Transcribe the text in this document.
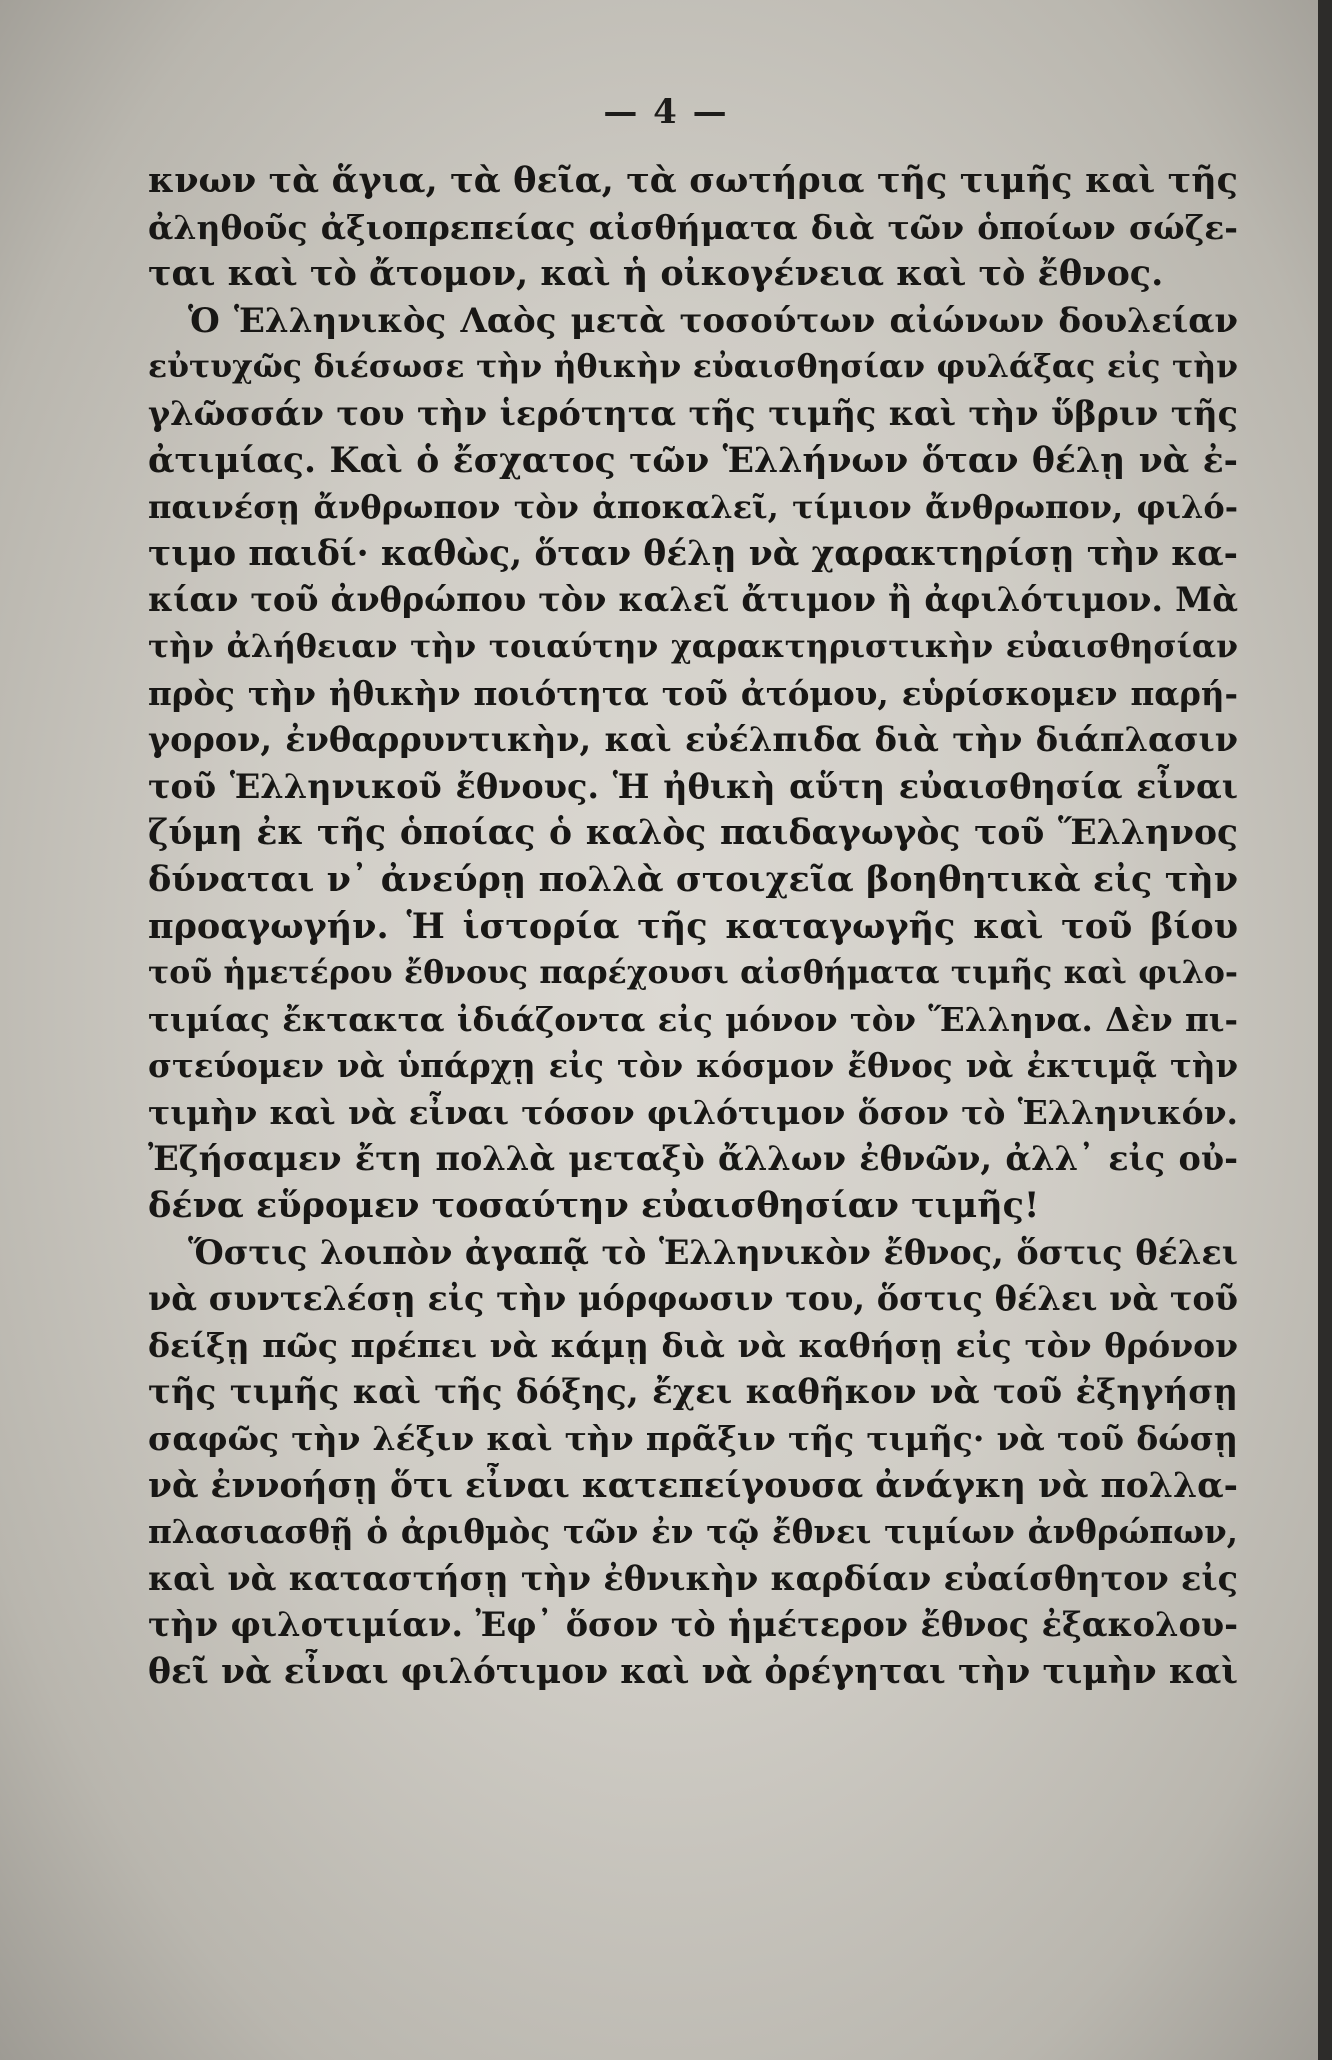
— 4 —
κνων τὰ ἅγια, τὰ θεῖα, τὰ σωτήρια τῆς τιμῆς καὶ τῆς
ἀληθοῦς ἀξιοπρεπείας αἰσθήματα διὰ τῶν ὁποίων σώζε-
ται καὶ τὸ ἄτομον, καὶ ἡ οἰκογένεια καὶ τὸ ἔθνος.
Ὁ Ἑλληνικὸς Λαὸς μετὰ τοσούτων αἰώνων δουλείαν
εὐτυχῶς διέσωσε τὴν ἠθικὴν εὐαισθησίαν φυλάξας εἰς τὴν
γλῶσσάν του τὴν ἱερότητα τῆς τιμῆς καὶ τὴν ὕβριν τῆς
ἀτιμίας. Καὶ ὁ ἔσχατος τῶν Ἑλλήνων ὅταν θέλῃ νὰ ἐ-
παινέσῃ ἄνθρωπον τὸν ἀποκαλεῖ, τίμιον ἄνθρωπον, φιλό-
τιμο παιδί· καθὼς, ὅταν θέλῃ νὰ χαρακτηρίσῃ τὴν κα-
κίαν τοῦ ἀνθρώπου τὸν καλεῖ ἄτιμον ἢ ἀφιλότιμον. Μὰ
τὴν ἀλήθειαν τὴν τοιαύτην χαρακτηριστικὴν εὐαισθησίαν
πρὸς τὴν ἠθικὴν ποιότητα τοῦ ἀτόμου, εὑρίσκομεν παρή-
γορον, ἐνθαρρυντικὴν, καὶ εὐέλπιδα διὰ τὴν διάπλασιν
τοῦ Ἑλληνικοῦ ἔθνους. Ἡ ἠθικὴ αὕτη εὐαισθησία εἶναι
ζύμη ἐκ τῆς ὁποίας ὁ καλὸς παιδαγωγὸς τοῦ Ἕλληνος
δύναται ν᾽ ἀνεύρῃ πολλὰ στοιχεῖα βοηθητικὰ εἰς τὴν
προαγωγήν. Ἡ ἱστορία τῆς καταγωγῆς καὶ τοῦ βίου
τοῦ ἡμετέρου ἔθνους παρέχουσι αἰσθήματα τιμῆς καὶ φιλο-
τιμίας ἔκτακτα ἰδιάζοντα εἰς μόνον τὸν Ἕλληνα. Δὲν πι-
στεύομεν νὰ ὑπάρχῃ εἰς τὸν κόσμον ἔθνος νὰ ἐκτιμᾷ τὴν
τιμὴν καὶ νὰ εἶναι τόσον φιλότιμον ὅσον τὸ Ἑλληνικόν.
Ἐζήσαμεν ἔτη πολλὰ μεταξὺ ἄλλων ἐθνῶν, ἀλλ᾽ εἰς οὐ-
δένα εὕρομεν τοσαύτην εὐαισθησίαν τιμῆς!
Ὅστις λοιπὸν ἀγαπᾷ τὸ Ἑλληνικὸν ἔθνος, ὅστις θέλει
νὰ συντελέσῃ εἰς τὴν μόρφωσιν του, ὅστις θέλει νὰ τοῦ
δείξῃ πῶς πρέπει νὰ κάμῃ διὰ νὰ καθήσῃ εἰς τὸν θρόνον
τῆς τιμῆς καὶ τῆς δόξης, ἔχει καθῆκον νὰ τοῦ ἐξηγήσῃ
σαφῶς τὴν λέξιν καὶ τὴν πρᾶξιν τῆς τιμῆς· νὰ τοῦ δώσῃ
νὰ ἐννοήσῃ ὅτι εἶναι κατεπείγουσα ἀνάγκη νὰ πολλα-
πλασιασθῇ ὁ ἀριθμὸς τῶν ἐν τῷ ἔθνει τιμίων ἀνθρώπων,
καὶ νὰ καταστήσῃ τὴν ἐθνικὴν καρδίαν εὐαίσθητον εἰς
τὴν φιλοτιμίαν. Ἐφ᾽ ὅσον τὸ ἡμέτερον ἔθνος ἐξακολου-
θεῖ νὰ εἶναι φιλότιμον καὶ νὰ ὀρέγηται τὴν τιμὴν καὶ
